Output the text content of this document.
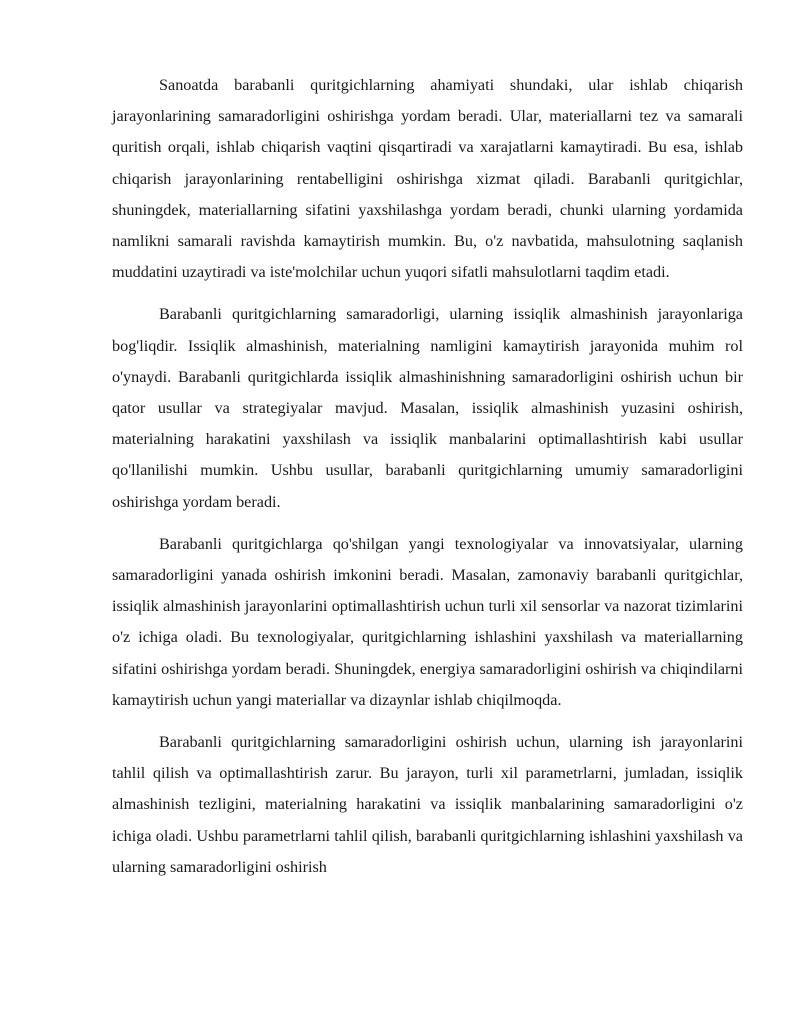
Sanoatda barabanli quritgichlarning ahamiyati shundaki, ular ishlab chiqarish jarayonlarining samaradorligini oshirishga yordam beradi. Ular, materiallarni tez va samarali quritish orqali, ishlab chiqarish vaqtini qisqartiradi va xarajatlarni kamaytiradi. Bu esa, ishlab chiqarish jarayonlarining rentabelligini oshirishga xizmat qiladi. Barabanli quritgichlar, shuningdek, materiallarning sifatini yaxshilashga yordam beradi, chunki ularning yordamida namlikni samarali ravishda kamaytirish mumkin. Bu, o'z navbatida, mahsulotning saqlanish muddatini uzaytiradi va iste'molchilar uchun yuqori sifatli mahsulotlarni taqdim etadi.

Barabanli quritgichlarning samaradorligi, ularning issiqlik almashinish jarayonlariga bog'liqdir. Issiqlik almashinish, materialning namligini kamaytirish jarayonida muhim rol o'ynaydi. Barabanli quritgichlarda issiqlik almashinishning samaradorligini oshirish uchun bir qator usullar va strategiyalar mavjud. Masalan, issiqlik almashinish yuzasini oshirish, materialning harakatini yaxshilash va issiqlik manbalarini optimallashtirish kabi usullar qo'llanilishi mumkin. Ushbu usullar, barabanli quritgichlarning umumiy samaradorligini oshirishga yordam beradi.

Barabanli quritgichlarga qo'shilgan yangi texnologiyalar va innovatsiyalar, ularning samaradorligini yanada oshirish imkonini beradi. Masalan, zamonaviy barabanli quritgichlar, issiqlik almashinish jarayonlarini optimallashtirish uchun turli xil sensorlar va nazorat tizimlarini o'z ichiga oladi. Bu texnologiyalar, quritgichlarning ishlashini yaxshilash va materiallarning sifatini oshirishga yordam beradi. Shuningdek, energiya samaradorligini oshirish va chiqindilarni kamaytirish uchun yangi materiallar va dizaynlar ishlab chiqilmoqda.

Barabanli quritgichlarning samaradorligini oshirish uchun, ularning ish jarayonlarini tahlil qilish va optimallashtirish zarur. Bu jarayon, turli xil parametrlarni, jumladan, issiqlik almashinish tezligini, materialning harakatini va issiqlik manbalarining samaradorligini o'z ichiga oladi. Ushbu parametrlarni tahlil qilish, barabanli quritgichlarning ishlashini yaxshilash va ularning samaradorligini oshirish
